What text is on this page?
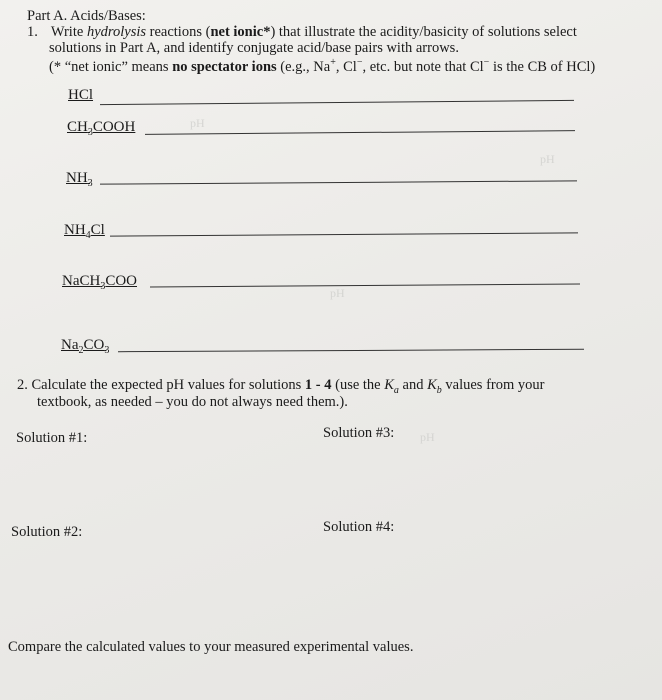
pH
pH
pH
pH
Part A. Acids/Bases:
1. Write hydrolysis reactions (net ionic*) that illustrate the acidity/basicity of solutions select
solutions in Part A, and identify conjugate acid/base pairs with arrows.
(* “net ionic” means no spectator ions (e.g., Na+, Cl−, etc. but note that Cl− is the CB of HCl)
HCl
$CH_3COOH$
$NH_3$
$NH_4Cl$
NaCH$_3$COO
$Na_2CO_3$
2. Calculate the expected pH values for solutions 1 - 4 (use the $K_a$ and $K_b$ values from your
textbook, as needed – you do not always need them.).
Solution #1:	Solution #3:
Solution #2:	Solution #4:
Compare the calculated values to your measured experimental values.
